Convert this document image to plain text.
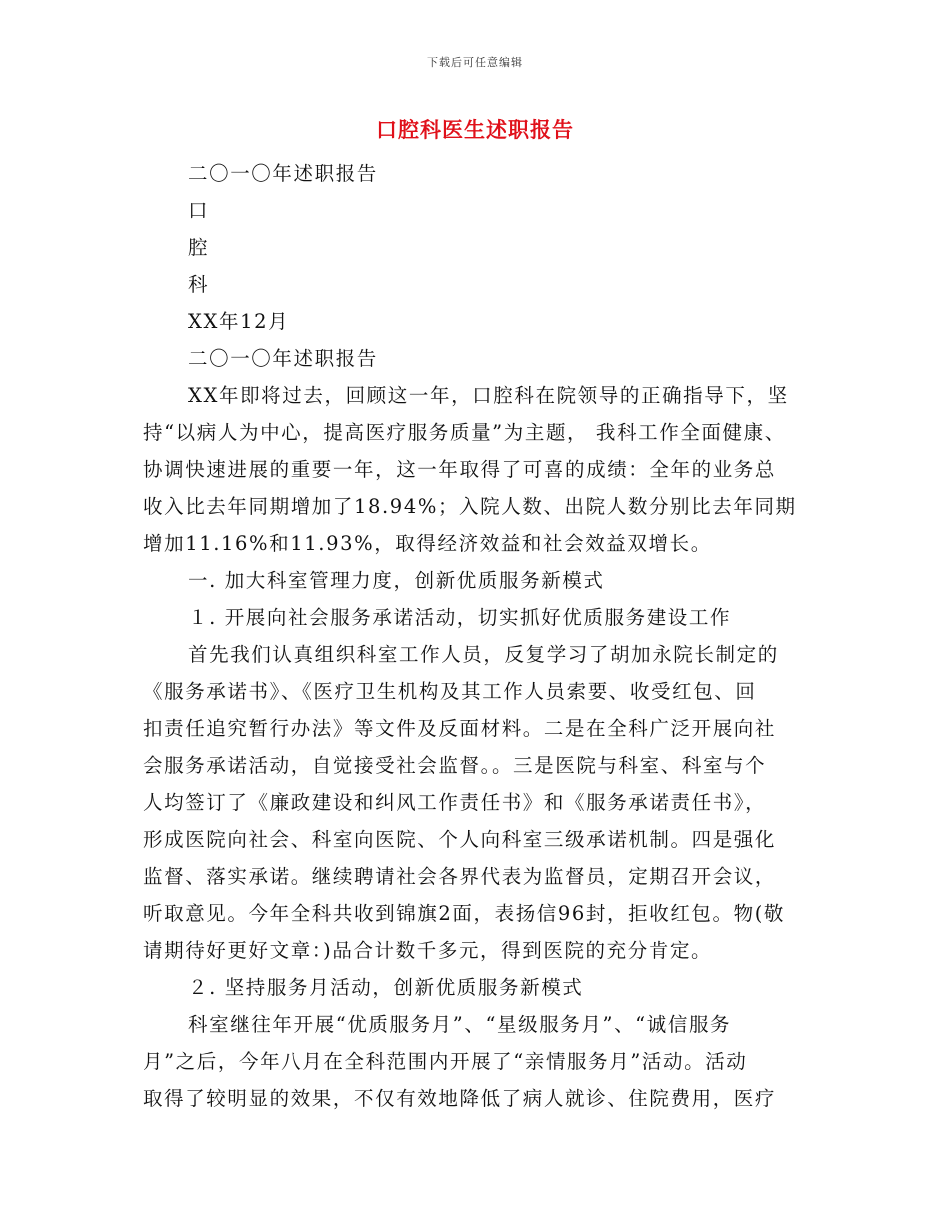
下载后可任意编辑
口腔科医生述职报告
二〇一〇年述职报告
口
腔
科
XX年12月
二〇一〇年述职报告
XX年即将过去，回顾这一年，口腔科在院领导的正确指导下，坚
持“以病人为中心，提高医疗服务质量”为主题， 我科工作全面健康、
协调快速进展的重要一年，这一年取得了可喜的成绩：全年的业务总
收入比去年同期增加了18.94%；入院人数、出院人数分别比去年同期
增加11.16%和11.93%，取得经济效益和社会效益双增长。
一. 加大科室管理力度，创新优质服务新模式
１. 开展向社会服务承诺活动，切实抓好优质服务建设工作
首先我们认真组织科室工作人员，反复学习了胡加永院长制定的
《服务承诺书》、《医疗卫生机构及其工作人员索要、收受红包、回
扣责任追究暂行办法》等文件及反面材料。二是在全科广泛开展向社
会服务承诺活动，自觉接受社会监督。。三是医院与科室、科室与个
人均签订了《廉政建设和纠风工作责任书》和《服务承诺责任书》，
形成医院向社会、科室向医院、个人向科室三级承诺机制。四是强化
监督、落实承诺。继续聘请社会各界代表为监督员，定期召开会议，
听取意见。今年全科共收到锦旗2面，表扬信96封，拒收红包。物(敬
请期待好更好文章：)品合计数千多元，得到医院的充分肯定。
２. 坚持服务月活动，创新优质服务新模式
科室继往年开展“优质服务月”、“星级服务月”、“诚信服务
月”之后，今年八月在全科范围内开展了“亲情服务月”活动。活动
取得了较明显的效果，不仅有效地降低了病人就诊、住院费用，医疗
